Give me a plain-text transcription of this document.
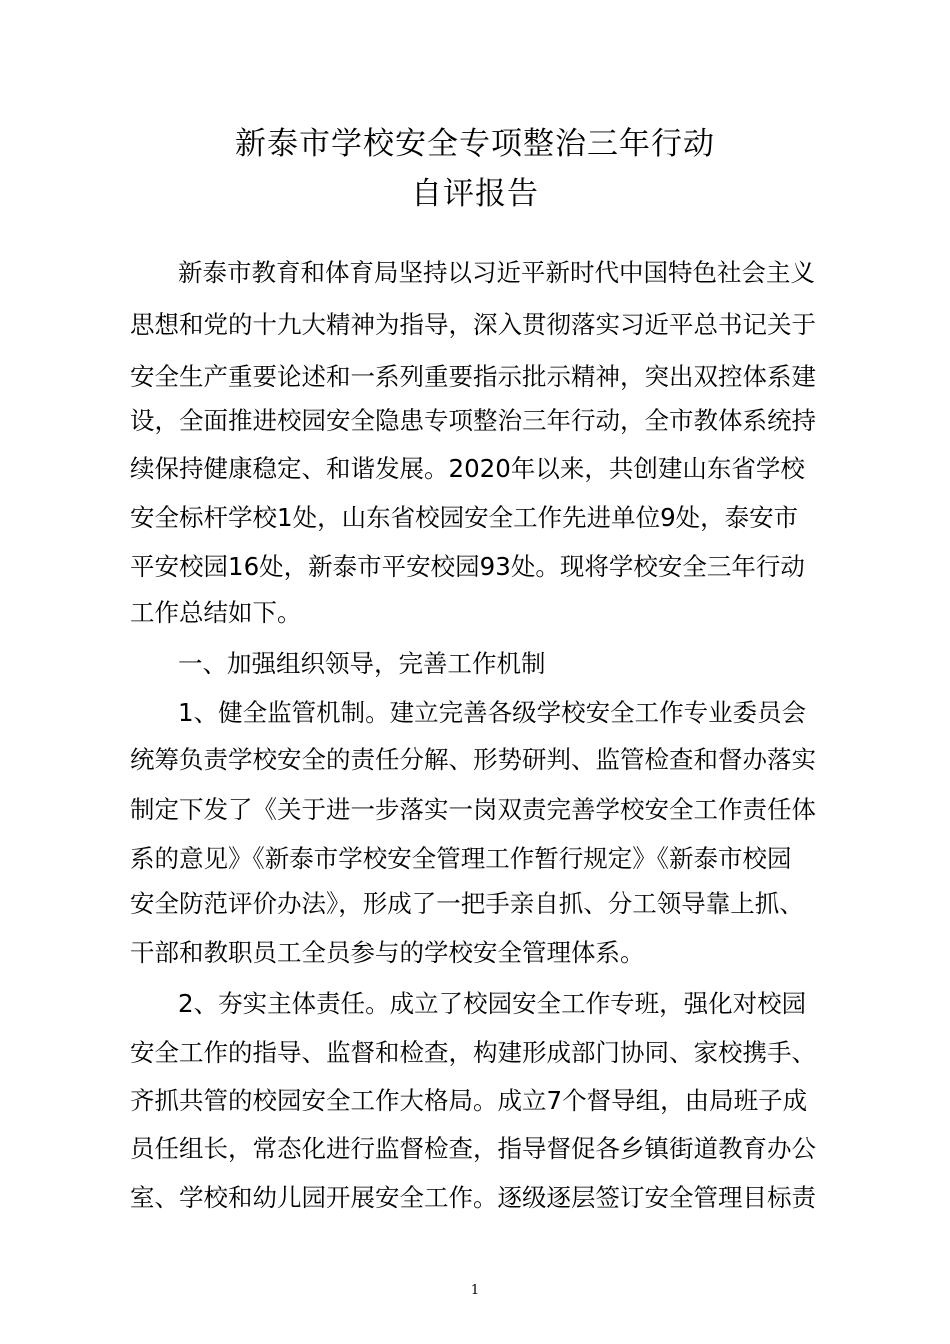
新泰市学校安全专项整治三年行动
自评报告
新泰市教育和体育局坚持以习近平新时代中国特色社会主义
思想和党的十九大精神为指导，深入贯彻落实习近平总书记关于
安全生产重要论述和一系列重要指示批示精神，突出双控体系建
设，全面推进校园安全隐患专项整治三年行动，全市教体系统持
续保持健康稳定、和谐发展。2020年以来，共创建山东省学校
安全标杆学校1处，山东省校园安全工作先进单位9处，泰安市
平安校园16处，新泰市平安校园93处。现将学校安全三年行动
工作总结如下。
一、加强组织领导，完善工作机制
1、健全监管机制。建立完善各级学校安全工作专业委员会
统筹负责学校安全的责任分解、形势研判、监管检查和督办落实
制定下发了《关于进一步落实一岗双责完善学校安全工作责任体
系的意见》《新泰市学校安全管理工作暂行规定》《新泰市校园
安全防范评价办法》，形成了一把手亲自抓、分工领导靠上抓、
干部和教职员工全员参与的学校安全管理体系。
2、夯实主体责任。成立了校园安全工作专班，强化对校园
安全工作的指导、监督和检查，构建形成部门协同、家校携手、
齐抓共管的校园安全工作大格局。成立7个督导组，由局班子成
员任组长，常态化进行监督检查，指导督促各乡镇街道教育办公
室、学校和幼儿园开展安全工作。逐级逐层签订安全管理目标责
1
